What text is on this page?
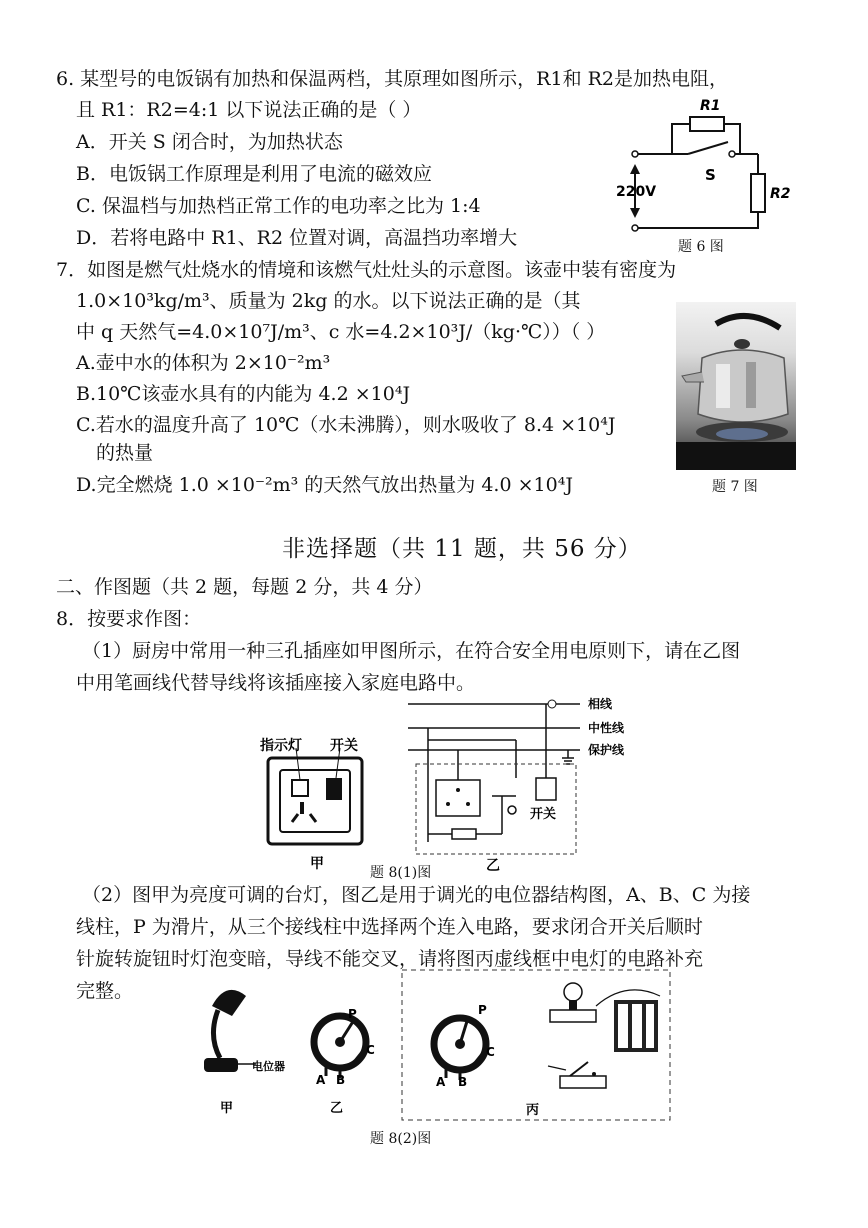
6. 某型号的电饭锅有加热和保温两档，其原理如图所示，R1和 R2是加热电阻，
且 R1：R2=4:1 以下说法正确的是（ ）
A．开关 S 闭合时，为加热状态
B．电饭锅工作原理是利用了电流的磁效应
C. 保温档与加热档正常工作的电功率之比为 1:4
D．若将电路中 R1、R2 位置对调，高温挡功率增大
R1
R2
S
220V
题 6 图
7．如图是燃气灶烧水的情境和该燃气灶灶头的示意图。该壶中装有密度为
1.0×10³kg/m³、质量为 2kg 的水。以下说法正确的是（其
中 q 天然气=4.0×10⁷J/m³、c 水=4.2×10³J/（kg·℃））（ ）
A.壶中水的体积为 2×10⁻²m³
B.10℃该壶水具有的内能为 4.2 ×10⁴J
C.若水的温度升高了 10℃（水未沸腾），则水吸收了 8.4 ×10⁴J
的热量
D.完全燃烧 1.0 ×10⁻²m³ 的天然气放出热量为 4.0 ×10⁴J	题 7 图
非选择题（共 11 题，共 56 分）
二、作图题（共 2 题，每题 2 分，共 4 分）
8．按要求作图：
（1）厨房中常用一种三孔插座如甲图所示，在符合安全用电原则下，请在乙图
中用笔画线代替导线将该插座接入家庭电路中。
指示灯 开关
甲
相线
中性线
保护线
开关
乙
题 8(1)图
（2）图甲为亮度可调的台灯，图乙是用于调光的电位器结构图，A、B、C 为接
线柱，P 为滑片，从三个接线柱中选择两个连入电路，要求闭合开关后顺时
针旋转旋钮时灯泡变暗，导线不能交叉，请将图丙虚线框中电灯的电路补充
完整。
电位器
甲
P
A B
C
乙
P
A B
C
丙
题 8(2)图
